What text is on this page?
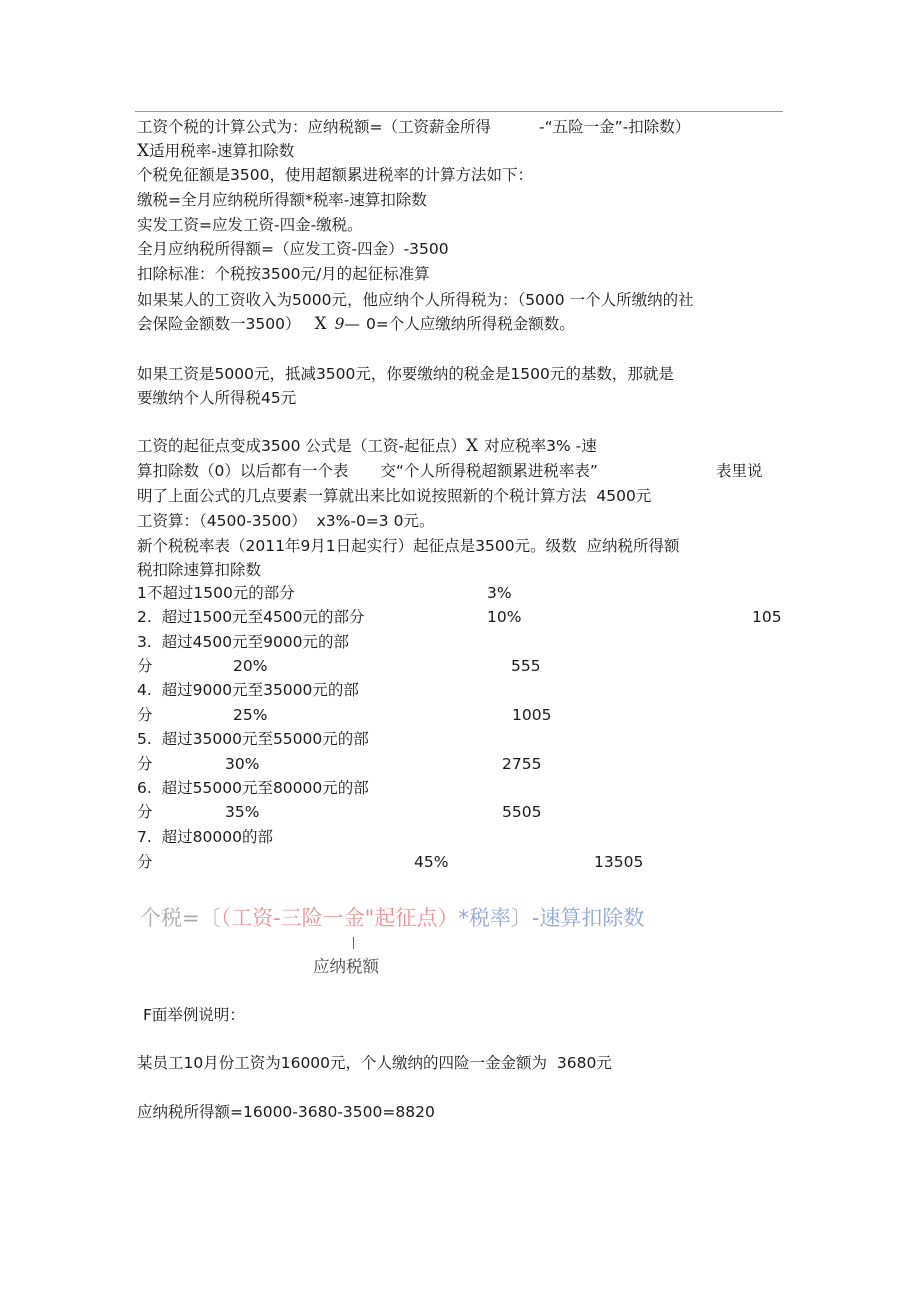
工资个税的计算公式为：应纳税额=（工资薪金所得	-“五险一金”-扣除数）
X适用税率-速算扣除数
个税免征额是3500，使用超额累进税率的计算方法如下：
缴税=全月应纳税所得额*税率-速算扣除数
实发工资=应发工资-四金-缴税。
全月应纳税所得额=（应发工资-四金）-3500
扣除标准：个税按3500元/月的起征标准算
如果某人的工资收入为5000元，他应纳个人所得税为：（5000 一个人所缴纳的社
会保险金额数一3500） X 9— 0=个人应缴纳所得税金额数。
如果工资是5000元，抵减3500元，你要缴纳的税金是1500元的基数，那就是
要缴纳个人所得税45元
工资的起征点变成3500 公式是（工资-起征点）X 对应税率3% -速
算扣除数（0）以后都有一个表 交“个人所得税超额累进税率表”	表里说
明了上面公式的几点要素一算就出来比如说按照新的个税计算方法  4500元
工资算：（4500-3500）  x3%-0=3 0元。
新个税税率表（2011年9月1日起实行）起征点是3500元。级数  应纳税所得额
税扣除速算扣除数
1不超过1500元的部分	3%
2.  超过1500元至4500元的部分	10%	105
3.  超过4500元至9000元的部
分	20%	555
4.  超过9000元至35000元的部
分	25%	1005
5.  超过35000元至55000元的部
分	30%	2755
6.  超过55000元至80000元的部
分	35%	5505
7.  超过80000的部
分	45%	13505
个税=〔（工资-三险一金"起征点）*税率〕-速算扣除数
应纳税额
F面举例说明：
某员工10月份工资为16000元，个人缴纳的四险一金金额为  3680元
应纳税所得额=16000-3680-3500=8820
